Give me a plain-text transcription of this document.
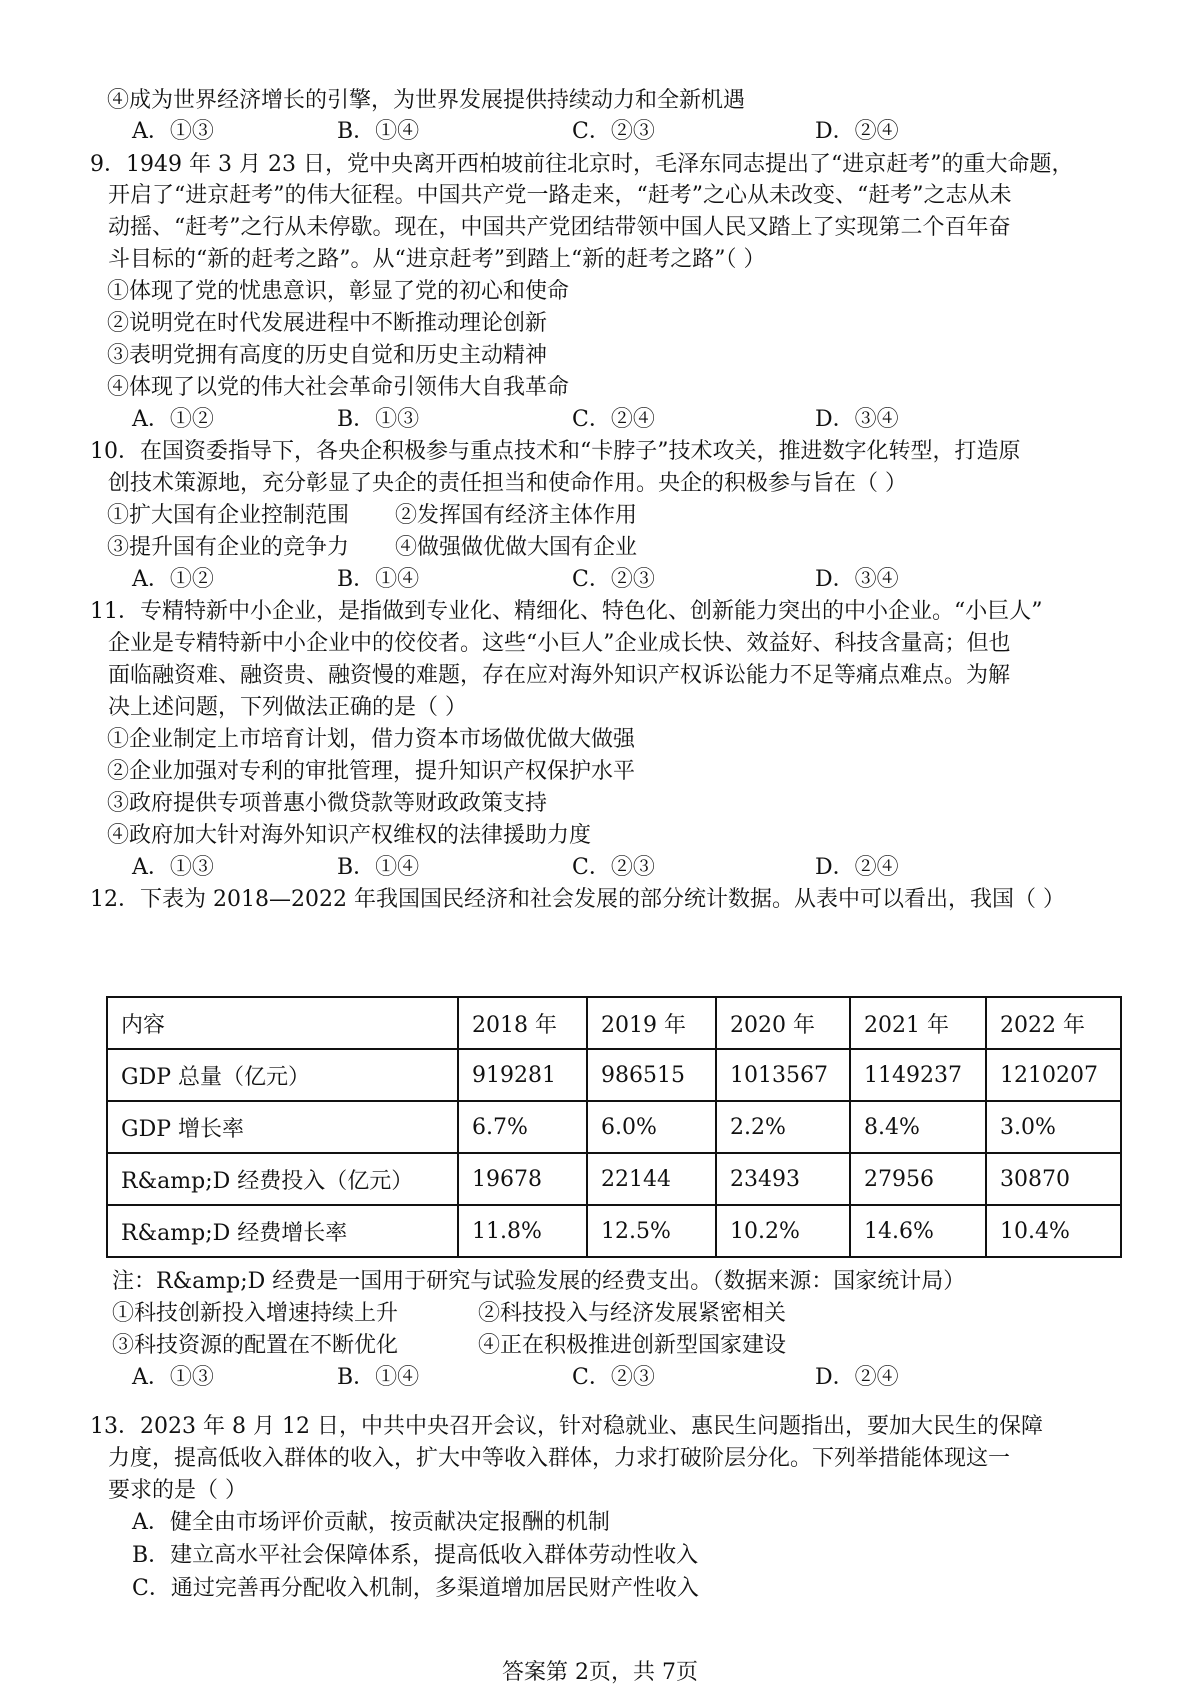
④成为世界经济增长的引擎，为世界发展提供持续动力和全新机遇
A．①③	B．①④	C．②③	D．②④
9．1949 年 3 月 23 日，党中央离开西柏坡前往北京时，毛泽东同志提出了“进京赶考”的重大命题，
开启了“进京赶考”的伟大征程。中国共产党一路走来，“赶考”之心从未改变、“赶考”之志从未
动摇、“赶考”之行从未停歇。现在，中国共产党团结带领中国人民又踏上了实现第二个百年奋
斗目标的“新的赶考之路”。从“进京赶考”到踏上“新的赶考之路”（ ）
①体现了党的忧患意识，彰显了党的初心和使命
②说明党在时代发展进程中不断推动理论创新
③表明党拥有高度的历史自觉和历史主动精神
④体现了以党的伟大社会革命引领伟大自我革命
A．①②	B．①③	C．②④	D．③④
10．在国资委指导下，各央企积极参与重点技术和“卡脖子”技术攻关，推进数字化转型，打造原
创技术策源地，充分彰显了央企的责任担当和使命作用。央企的积极参与旨在（ ）
①扩大国有企业控制范围 ②发挥国有经济主体作用
③提升国有企业的竞争力 ④做强做优做大国有企业
A．①②	B．①④	C．②③	D．③④
11．专精特新中小企业，是指做到专业化、精细化、特色化、创新能力突出的中小企业。“小巨人”
企业是专精特新中小企业中的佼佼者。这些“小巨人”企业成长快、效益好、科技含量高；但也
面临融资难、融资贵、融资慢的难题，存在应对海外知识产权诉讼能力不足等痛点难点。为解
决上述问题，下列做法正确的是（ ）
①企业制定上市培育计划，借力资本市场做优做大做强
②企业加强对专利的审批管理，提升知识产权保护水平
③政府提供专项普惠小微贷款等财政政策支持
④政府加大针对海外知识产权维权的法律援助力度
A．①③	B．①④	C．②③	D．②④
12．下表为 2018—2022 年我国国民经济和社会发展的部分统计数据。从表中可以看出，我国（ ）
内容	2018 年	2019 年	2020 年	2021 年	2022 年
GDP 总量（亿元）	919281	986515	1013567	1149237	1210207
GDP 增长率	6.7%	6.0%	2.2%	8.4%	3.0%
R&amp;D 经费投入（亿元）	19678	22144	23493	27956	30870
R&amp;D 经费增长率	11.8%	12.5%	10.2%	14.6%	10.4%
注：R&amp;D 经费是一国用于研究与试验发展的经费支出。（数据来源：国家统计局）
①科技创新投入增速持续上升	②科技投入与经济发展紧密相关
③科技资源的配置在不断优化	④正在积极推进创新型国家建设
A．①③	B．①④	C．②③	D．②④
13．2023 年 8 月 12 日，中共中央召开会议，针对稳就业、惠民生问题指出，要加大民生的保障
力度，提高低收入群体的收入，扩大中等收入群体，力求打破阶层分化。下列举措能体现这一
要求的是（ ）
A．健全由市场评价贡献，按贡献决定报酬的机制
B．建立高水平社会保障体系，提高低收入群体劳动性收入
C．通过完善再分配收入机制，多渠道增加居民财产性收入
答案第 2页，共 7页
